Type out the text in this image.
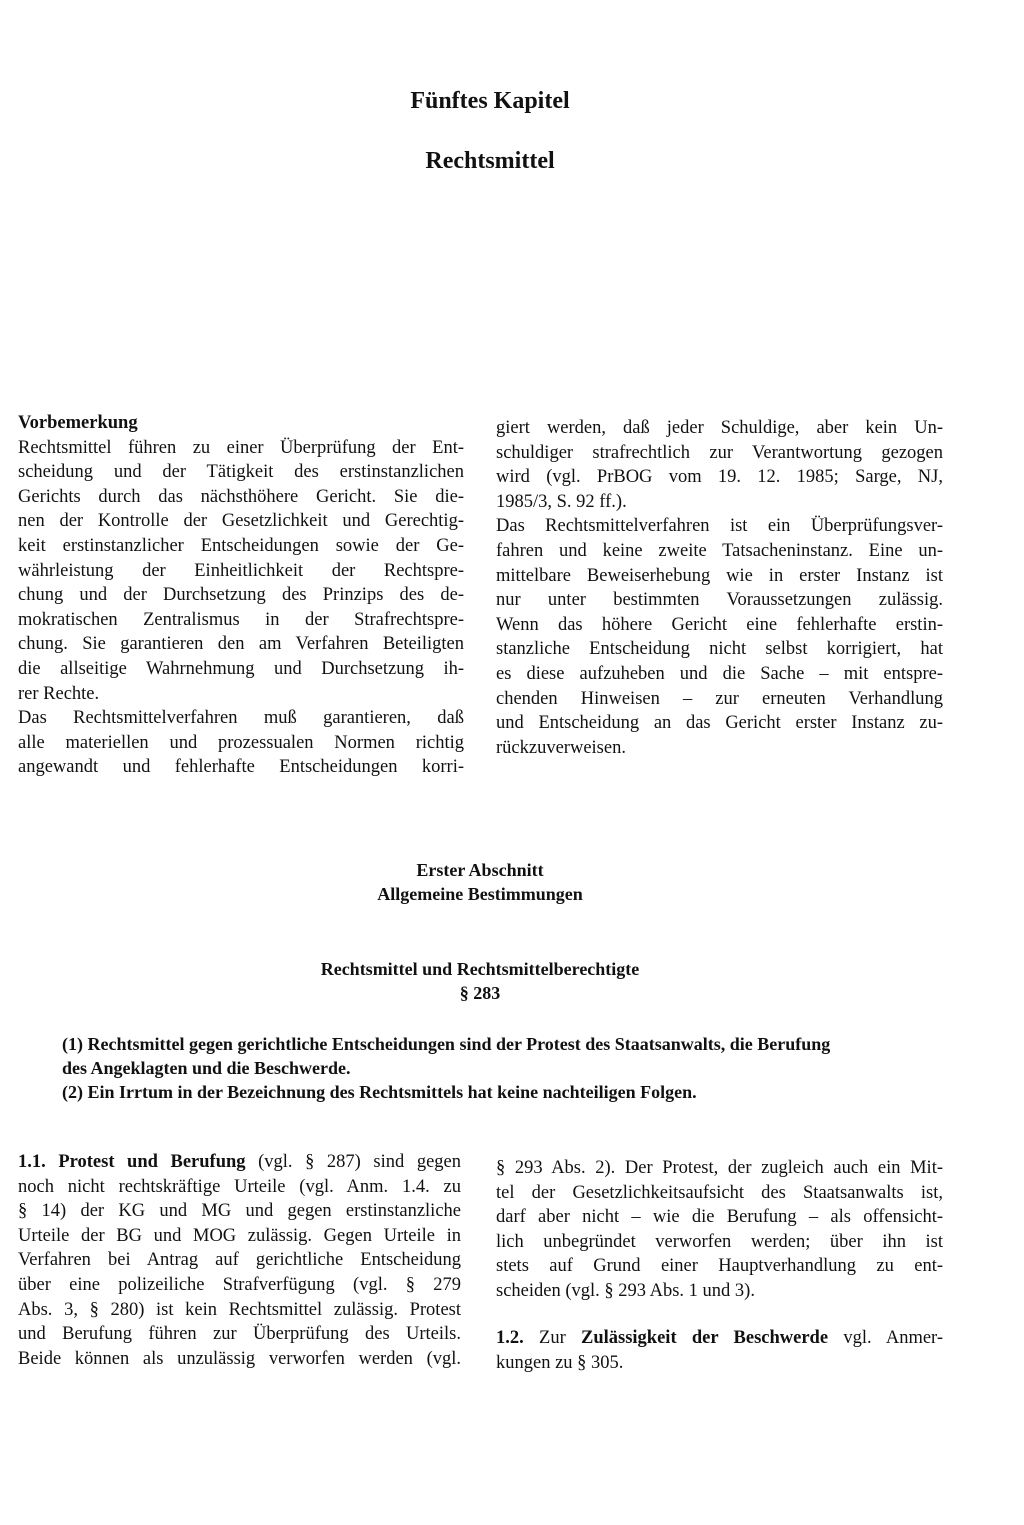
Fünftes Kapitel
Rechtsmittel
Vorbemerkung
Rechtsmittel führen zu einer Überprüfung der Ent-
scheidung und der Tätigkeit des erstinstanzlichen
Gerichts durch das nächsthöhere Gericht. Sie die-
nen der Kontrolle der Gesetzlichkeit und Gerechtig-
keit erstinstanzlicher Entscheidungen sowie der Ge-
währleistung der Einheitlichkeit der Rechtspre-
chung und der Durchsetzung des Prinzips des de-
mokratischen Zentralismus in der Strafrechtspre-
chung. Sie garantieren den am Verfahren Beteiligten
die allseitige Wahrnehmung und Durchsetzung ih-
rer Rechte.
Das Rechtsmittelverfahren muß garantieren, daß
alle materiellen und prozessualen Normen richtig
angewandt und fehlerhafte Entscheidungen korri-
giert werden, daß jeder Schuldige, aber kein Un-
schuldiger strafrechtlich zur Verantwortung gezogen
wird (vgl. PrBOG vom 19. 12. 1985; Sarge, NJ,
1985/3, S. 92 ff.).
Das Rechtsmittelverfahren ist ein Überprüfungsver-
fahren und keine zweite Tatsacheninstanz. Eine un-
mittelbare Beweiserhebung wie in erster Instanz ist
nur unter bestimmten Voraussetzungen zulässig.
Wenn das höhere Gericht eine fehlerhafte erstin-
stanzliche Entscheidung nicht selbst korrigiert, hat
es diese aufzuheben und die Sache – mit entspre-
chenden Hinweisen – zur erneuten Verhandlung
und Entscheidung an das Gericht erster Instanz zu-
rückzuverweisen.
Erster Abschnitt
Allgemeine Bestimmungen
Rechtsmittel und Rechtsmittelberechtigte
§ 283
(1) Rechtsmittel gegen gerichtliche Entscheidungen sind der Protest des Staatsanwalts, die Berufung
des Angeklagten und die Beschwerde.
(2) Ein Irrtum in der Bezeichnung des Rechtsmittels hat keine nachteiligen Folgen.
1.1. Protest und Berufung (vgl. § 287) sind gegen
noch nicht rechtskräftige Urteile (vgl. Anm. 1.4. zu
§ 14) der KG und MG und gegen erstinstanzliche
Urteile der BG und MOG zulässig. Gegen Urteile in
Verfahren bei Antrag auf gerichtliche Entscheidung
über eine polizeiliche Strafverfügung (vgl. § 279
Abs. 3, § 280) ist kein Rechtsmittel zulässig. Protest
und Berufung führen zur Überprüfung des Urteils.
Beide können als unzulässig verworfen werden (vgl.
§ 293 Abs. 2). Der Protest, der zugleich auch ein Mit-
tel der Gesetzlichkeitsaufsicht des Staatsanwalts ist,
darf aber nicht – wie die Berufung – als offensicht-
lich unbegründet verworfen werden; über ihn ist
stets auf Grund einer Hauptverhandlung zu ent-
scheiden (vgl. § 293 Abs. 1 und 3).
1.2. Zur Zulässigkeit der Beschwerde vgl. Anmer-
kungen zu § 305.
